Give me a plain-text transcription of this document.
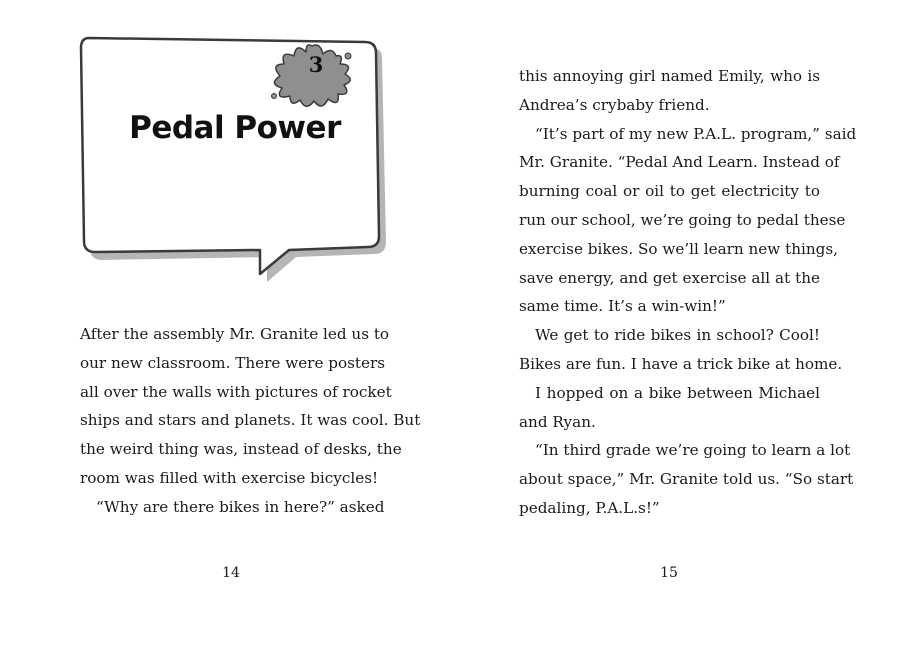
3
Pedal Power
After the assembly Mr. Granite led us to
our new classroom. There were posters
all over the walls with pictures of rocket
ships and stars and planets. It was cool. But
the weird thing was, instead of desks, the
room was filled with exercise bicycles!
“Why are there bikes in here?” asked
14
this annoying girl named Emily, who is
Andrea’s crybaby friend.
“It’s part of my new P.A.L. program,” said
Mr. Granite. “Pedal And Learn. Instead of
burning coal or oil to get electricity to
run our school, we’re going to pedal these
exercise bikes. So we’ll learn new things,
save energy, and get exercise all at the
same time. It’s a win-win!”
We get to ride bikes in school? Cool!
Bikes are fun. I have a trick bike at home.
I hopped on a bike between Michael
and Ryan.
“In third grade we’re going to learn a lot
about space,” Mr. Granite told us. “So start
pedaling, P.A.L.s!”
15
